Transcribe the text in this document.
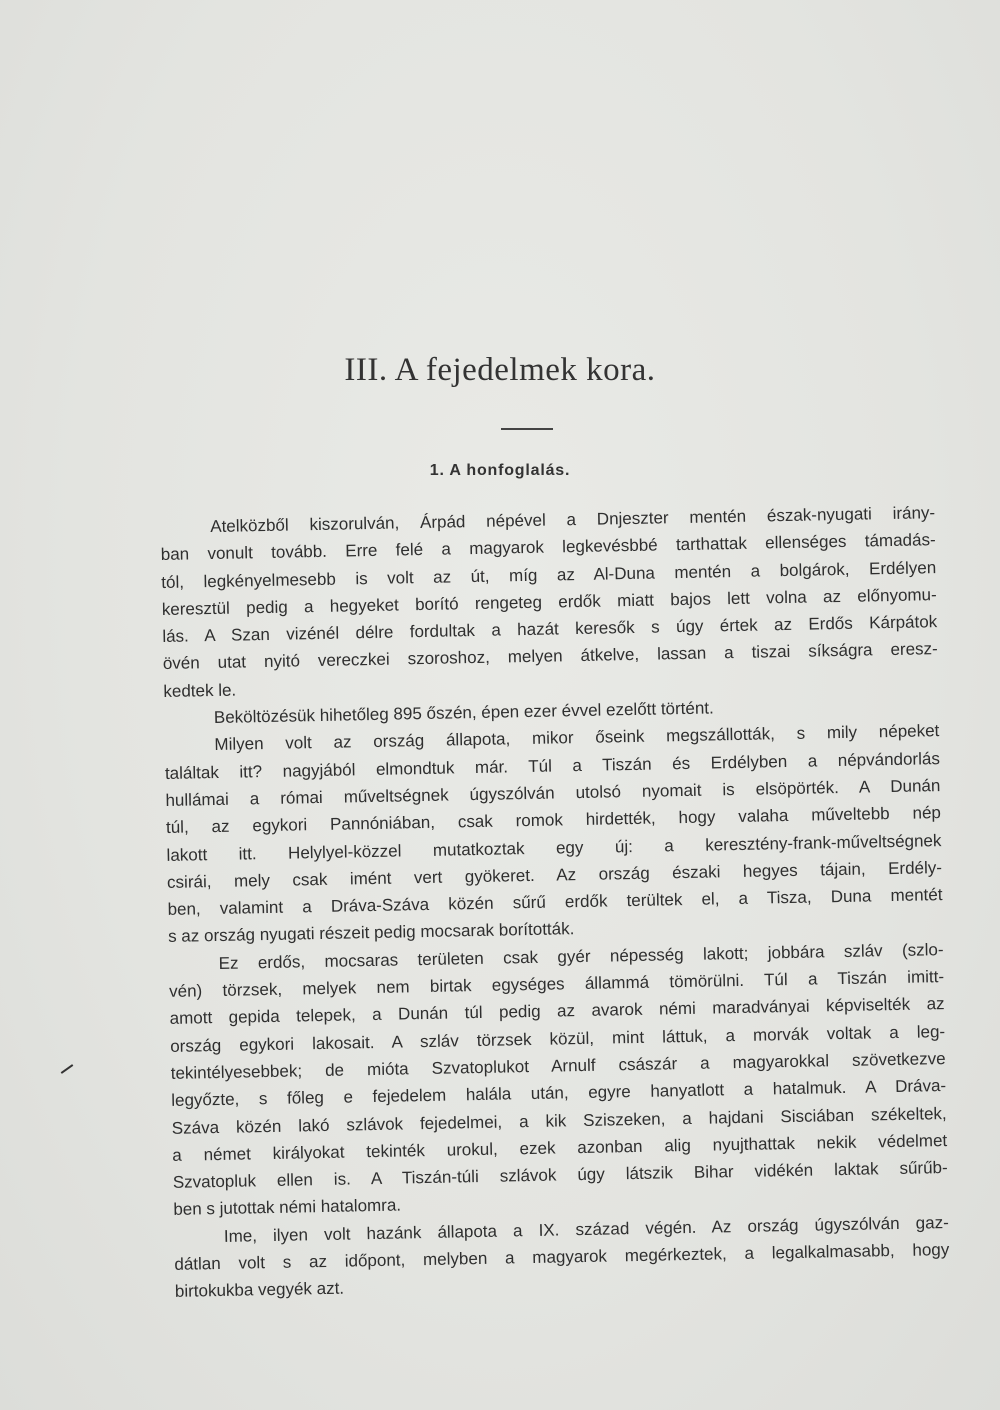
III. A fejedelmek kora.
1. A honfoglalás.
Atelközből kiszorulván, Árpád népével a Dnjeszter mentén észak-nyugati irány-
ban vonult tovább. Erre felé a magyarok legkevésbbé tarthattak ellenséges támadás-
tól, legkényelmesebb is volt az út, míg az Al-Duna mentén a bolgárok, Erdélyen
keresztül pedig a hegyeket borító rengeteg erdők miatt bajos lett volna az előnyomu-
lás. A Szan vizénél délre fordultak a hazát keresők s úgy értek az Erdős Kárpátok
övén utat nyitó vereczkei szoroshoz, melyen átkelve, lassan a tiszai síkságra eresz-
kedtek le.
Beköltözésük hihetőleg 895 őszén, épen ezer évvel ezelőtt történt.
Milyen volt az ország állapota, mikor őseink megszállották, s mily népeket
találtak itt? nagyjából elmondtuk már. Túl a Tiszán és Erdélyben a népvándorlás
hullámai a római műveltségnek úgyszólván utolsó nyomait is elsöpörték. A Dunán
túl, az egykori Pannóniában, csak romok hirdették, hogy valaha műveltebb nép
lakott itt. Helylyel-közzel mutatkoztak egy új: a keresztény-frank-műveltségnek
csirái, mely csak imént vert gyökeret. Az ország északi hegyes tájain, Erdély-
ben, valamint a Dráva-Száva közén sűrű erdők terültek el, a Tisza, Duna mentét
s az ország nyugati részeit pedig mocsarak borították.
Ez erdős, mocsaras területen csak gyér népesség lakott; jobbára szláv (szlo-
vén) törzsek, melyek nem birtak egységes állammá tömörülni. Túl a Tiszán imitt-
amott gepida telepek, a Dunán túl pedig az avarok némi maradványai képviselték az
ország egykori lakosait. A szláv törzsek közül, mint láttuk, a morvák voltak a leg-
tekintélyesebbek; de mióta Szvatoplukot Arnulf császár a magyarokkal szövetkezve
legyőzte, s főleg e fejedelem halála után, egyre hanyatlott a hatalmuk. A Dráva-
Száva közén lakó szlávok fejedelmei, a kik Sziszeken, a hajdani Sisciában székeltek,
a német királyokat tekinték urokul, ezek azonban alig nyujthattak nekik védelmet
Szvatopluk ellen is. A Tiszán-túli szlávok úgy látszik Bihar vidékén laktak sűrűb-
ben s jutottak némi hatalomra.
Ime, ilyen volt hazánk állapota a IX. század végén. Az ország úgyszólván gaz-
dátlan volt s az időpont, melyben a magyarok megérkeztek, a legalkalmasabb, hogy
birtokukba vegyék azt.
